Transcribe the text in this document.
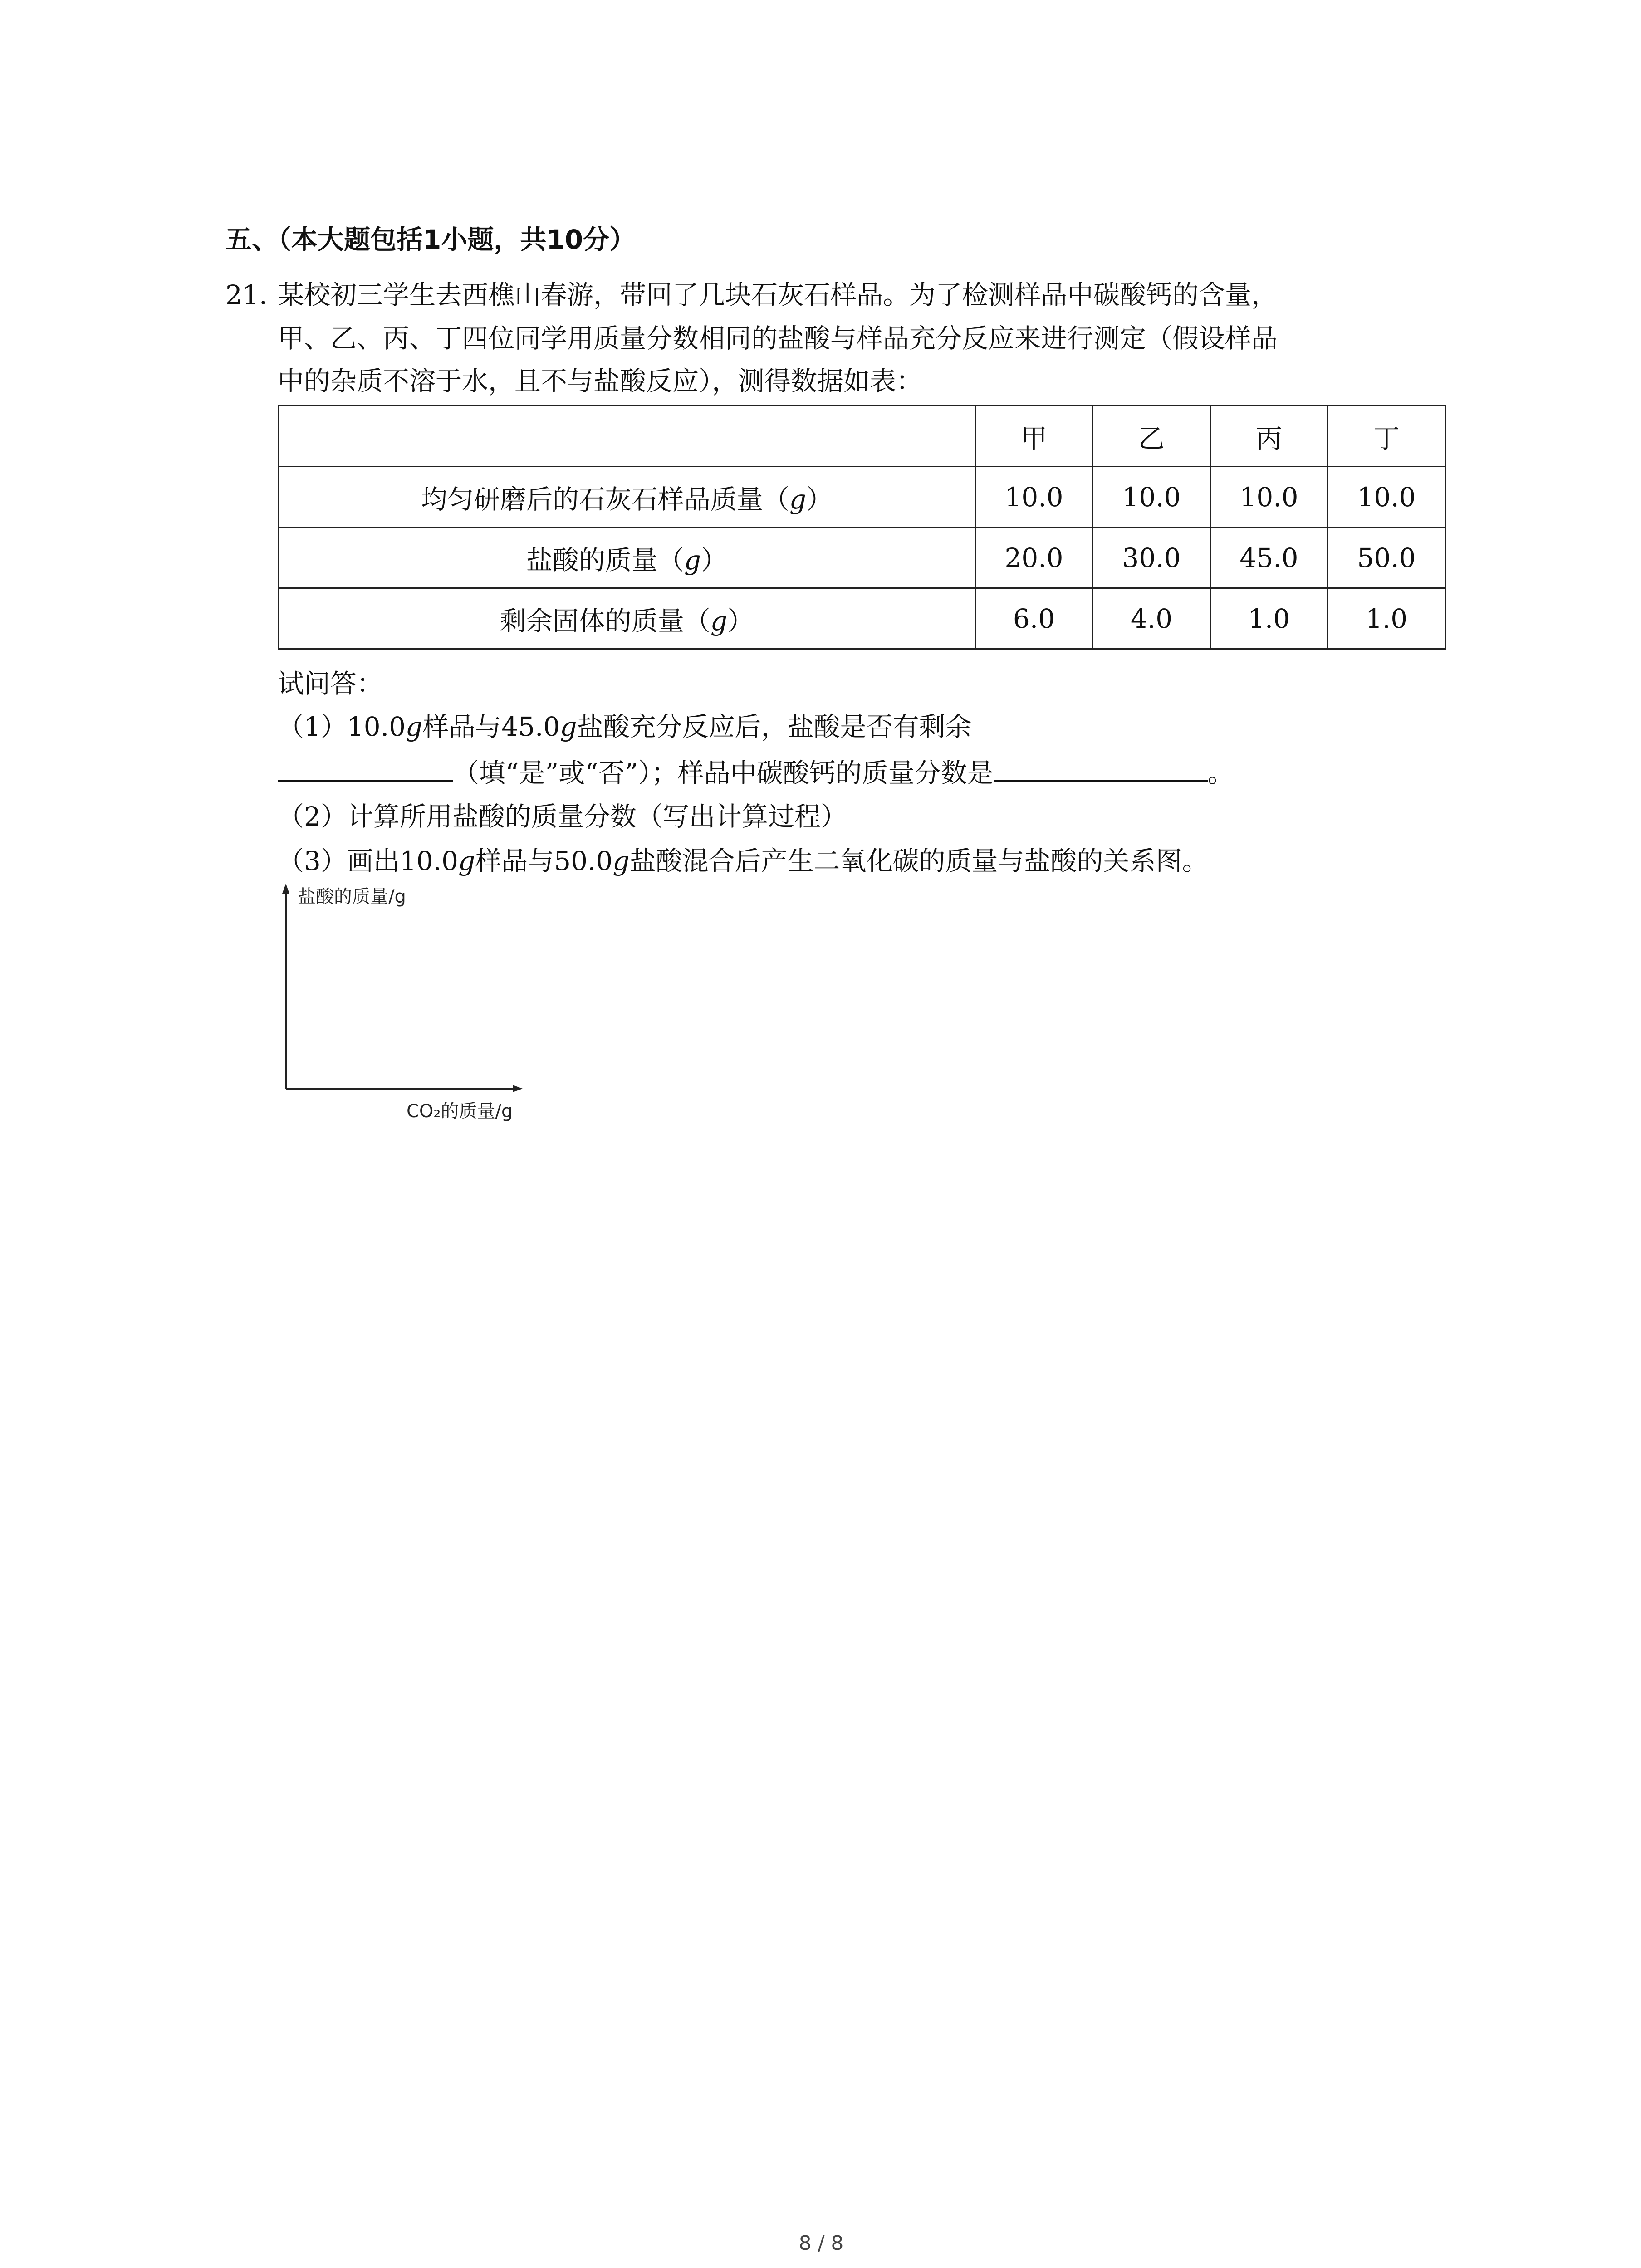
五、（本大题包括1小题，共10分）
21. 某校初三学生去西樵山春游，带回了几块石灰石样品。为了检测样品中碳酸钙的含量，
甲、乙、丙、丁四位同学用质量分数相同的盐酸与样品充分反应来进行测定（假设样品
中的杂质不溶于水，且不与盐酸反应），测得数据如表：
	甲	乙	丙	丁
均匀研磨后的石灰石样品质量（g）	10.0	10.0	10.0	10.0
盐酸的质量（g）	20.0	30.0	45.0	50.0
剩余固体的质量（g）	6.0	4.0	1.0	1.0
试问答：
（1）10.0g样品与45.0g盐酸充分反应后，盐酸是否有剩余
（填“是”或“否”）；样品中碳酸钙的质量分数是	。
（2）计算所用盐酸的质量分数（写出计算过程）
（3）画出10.0g样品与50.0g盐酸混合后产生二氧化碳的质量与盐酸的关系图。
盐酸的质量/g
CO₂的质量/g
8 / 8
